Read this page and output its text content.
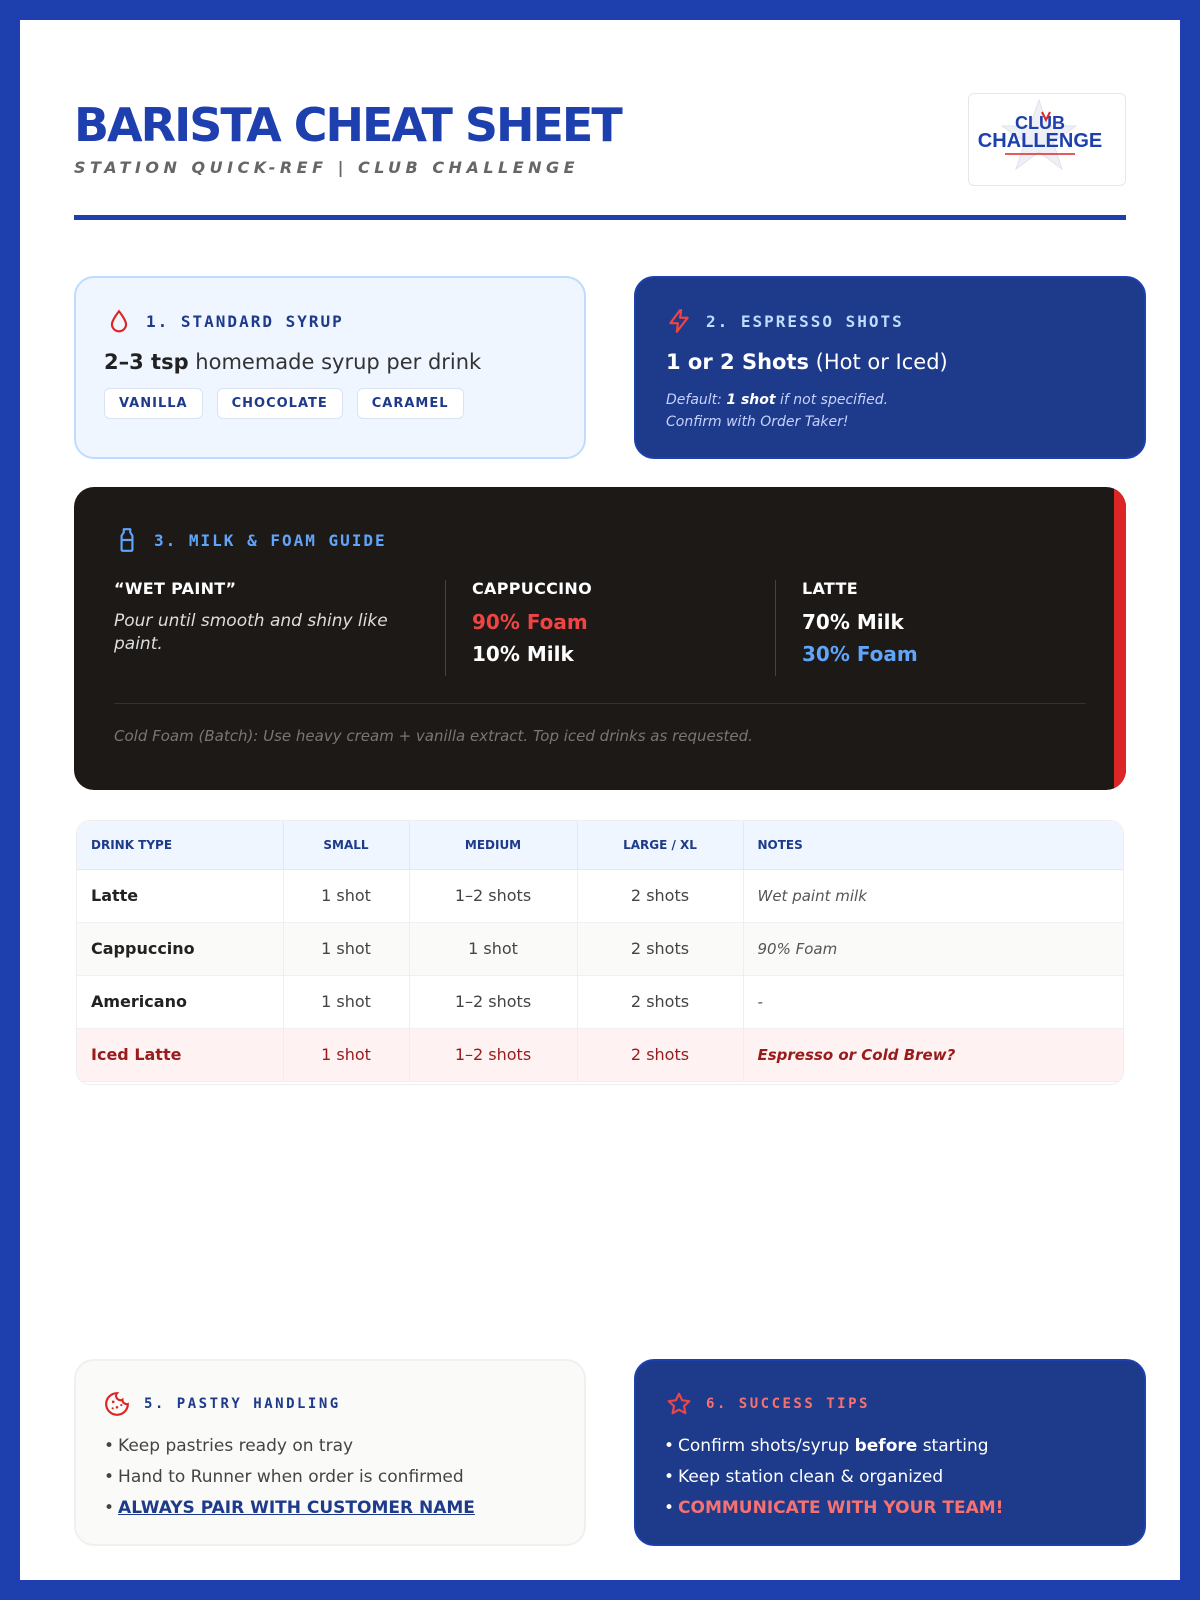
BARISTA CHEAT SHEET
STATION QUICK-REF | CLUB CHALLENGE
CLUB
CHALLENGE
1. STANDARD SYRUP
2–3 tsp homemade syrup per drink
VANILLA	CHOCOLATE	CARAMEL
2. ESPRESSO SHOTS
1 or 2 Shots (Hot or Iced)
Default: 1 shot if not specified.
Confirm with Order Taker!
3. MILK & FOAM GUIDE
“WET PAINT”
Pour until smooth and shiny like paint.
CAPPUCCINO
90% Foam
10% Milk
LATTE
70% Milk
30% Foam
Cold Foam (Batch): Use heavy cream + vanilla extract. Top iced drinks as requested.
DRINK TYPE	SMALL	MEDIUM	LARGE / XL	NOTES
Latte	1 shot	1–2 shots	2 shots	Wet paint milk
Cappuccino	1 shot	1 shot	2 shots	90% Foam
Americano	1 shot	1–2 shots	2 shots	-
Iced Latte	1 shot	1–2 shots	2 shots	Espresso or Cold Brew?
5. PASTRY HANDLING
• Keep pastries ready on tray
• Hand to Runner when order is confirmed
• ALWAYS PAIR WITH CUSTOMER NAME
6. SUCCESS TIPS
• Confirm shots/syrup before starting
• Keep station clean & organized
• COMMUNICATE WITH YOUR TEAM!
